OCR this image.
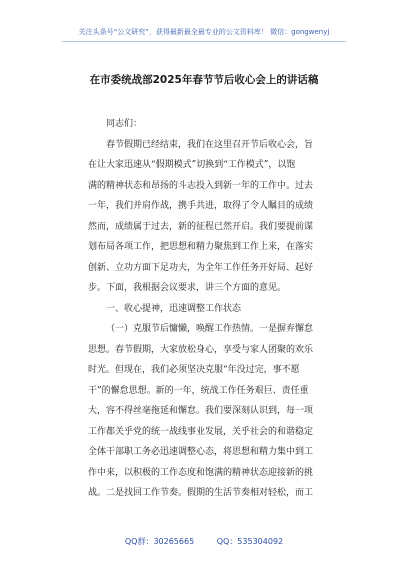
关注头条号“公文研究”，获得最新最全最专业的公文资料库！ 微信：gongwenyj
在市委统战部2025年春节节后收心会上的讲话稿

同志们：

春节假期已经结束，我们在这里召开节后收心会，旨

在让大家迅速从“假期模式”切换到“工作模式”，以饱

满的精神状态和昂扬的斗志投入到新一年的工作中。过去

一年，我们并肩作战，携手共进，取得了令人瞩目的成绩

然而，成绩属于过去，新的征程已然开启。我们要提前谋

划布局各项工作，把思想和精力聚焦到工作上来，在落实

创新、立功方面下足功夫，为全年工作任务开好局、起好

步。下面，我根据会议要求，讲三个方面的意见。

一、收心提神，迅速调整工作状态

（一）克服节后慵懒，唤醒工作热情。一是摒弃懈怠

思想。春节假期，大家放松身心，享受与家人团聚的欢乐

时光。但现在，我们必须坚决克服“年没过完，事不愿

干”的懈怠思想。新的一年，统战工作任务艰巨、责任重

大，容不得丝毫拖延和懈怠。我们要深刻认识到，每一项

工作都关乎党的统一战线事业发展，关乎社会的和谐稳定

全体干部职工务必迅速调整心态，将思想和精力集中到工

作中来，以积极的工作态度和饱满的精神状态迎接新的挑

战。二是找回工作节奏。假期的生活节奏相对轻松，而工

QQ群：30265665	QQ：535304092
